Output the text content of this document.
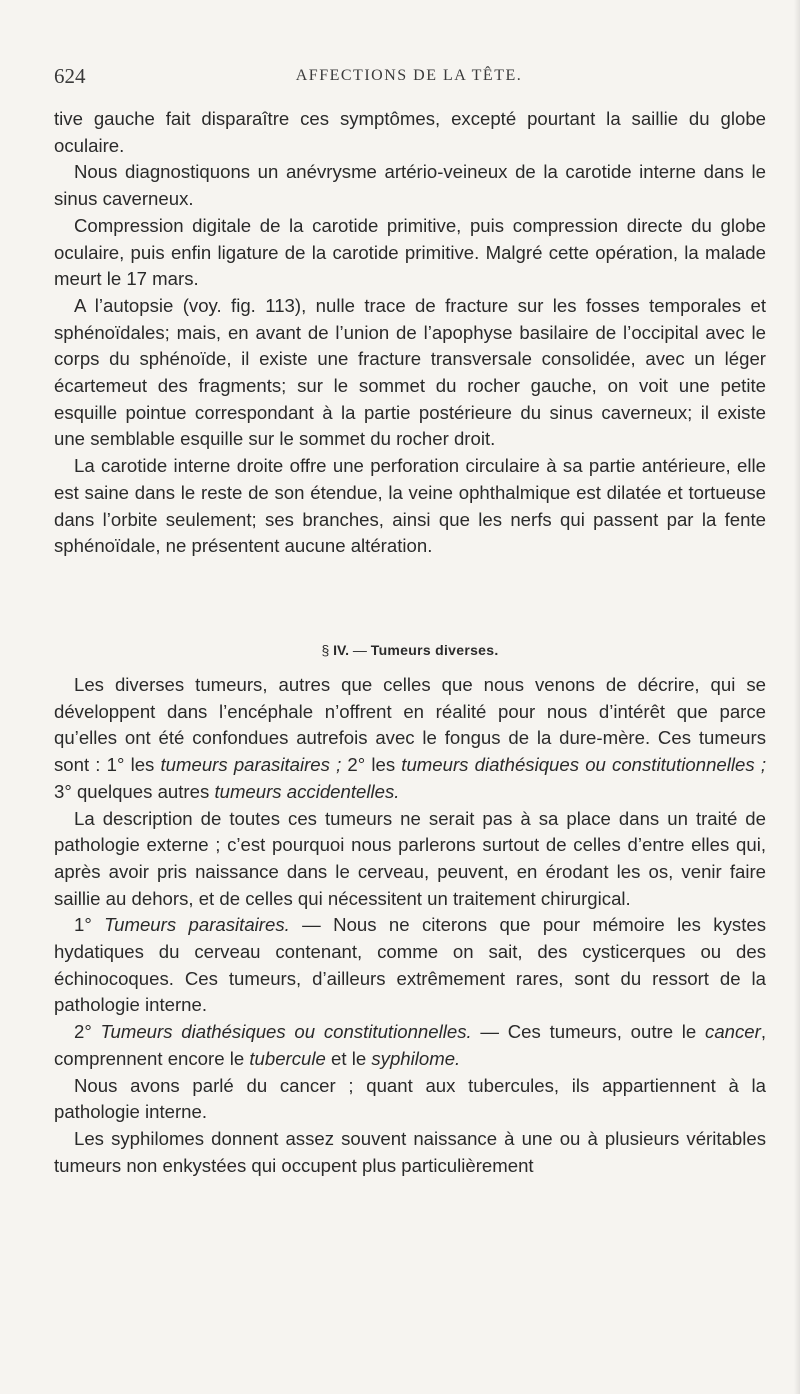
624	AFFECTIONS DE LA TÊTE.

tive gauche fait disparaître ces symptômes, excepté pourtant la saillie du globe oculaire.

Nous diagnostiquons un anévrysme artério-veineux de la carotide interne dans le sinus caverneux.

Compression digitale de la carotide primitive, puis compression directe du globe oculaire, puis enfin ligature de la carotide primitive. Malgré cette opération, la malade meurt le 17 mars.

A l’autopsie (voy. fig. 113), nulle trace de fracture sur les fosses temporales et sphénoïdales; mais, en avant de l’union de l’apophyse basilaire de l’occipital avec le corps du sphénoïde, il existe une fracture transversale consolidée, avec un léger écartemeut des fragments; sur le sommet du rocher gauche, on voit une petite esquille pointue correspondant à la partie postérieure du sinus caverneux; il existe une semblable esquille sur le sommet du rocher droit.

La carotide interne droite offre une perforation circulaire à sa partie antérieure, elle est saine dans le reste de son étendue, la veine ophthalmique est dilatée et tortueuse dans l’orbite seulement; ses branches, ainsi que les nerfs qui passent par la fente sphénoïdale, ne présentent aucune altération.

§ IV. — Tumeurs diverses.

Les diverses tumeurs, autres que celles que nous venons de décrire, qui se développent dans l’encéphale n’offrent en réalité pour nous d’intérêt que parce qu’elles ont été confondues autrefois avec le fongus de la dure-mère. Ces tumeurs sont : 1° les tumeurs parasitaires ; 2° les tumeurs diathésiques ou constitutionnelles ; 3° quelques autres tumeurs accidentelles.

La description de toutes ces tumeurs ne serait pas à sa place dans un traité de pathologie externe ; c’est pourquoi nous parlerons surtout de celles d’entre elles qui, après avoir pris naissance dans le cerveau, peuvent, en érodant les os, venir faire saillie au dehors, et de celles qui nécessitent un traitement chirurgical.

1° Tumeurs parasitaires. — Nous ne citerons que pour mémoire les kystes hydatiques du cerveau contenant, comme on sait, des cysticerques ou des échinocoques. Ces tumeurs, d’ailleurs extrêmement rares, sont du ressort de la pathologie interne.

2° Tumeurs diathésiques ou constitutionnelles. — Ces tumeurs, outre le cancer, comprennent encore le tubercule et le syphilome.

Nous avons parlé du cancer ; quant aux tubercules, ils appartiennent à la pathologie interne.

Les syphilomes donnent assez souvent naissance à une ou à plusieurs véritables tumeurs non enkystées qui occupent plus particulièrement
